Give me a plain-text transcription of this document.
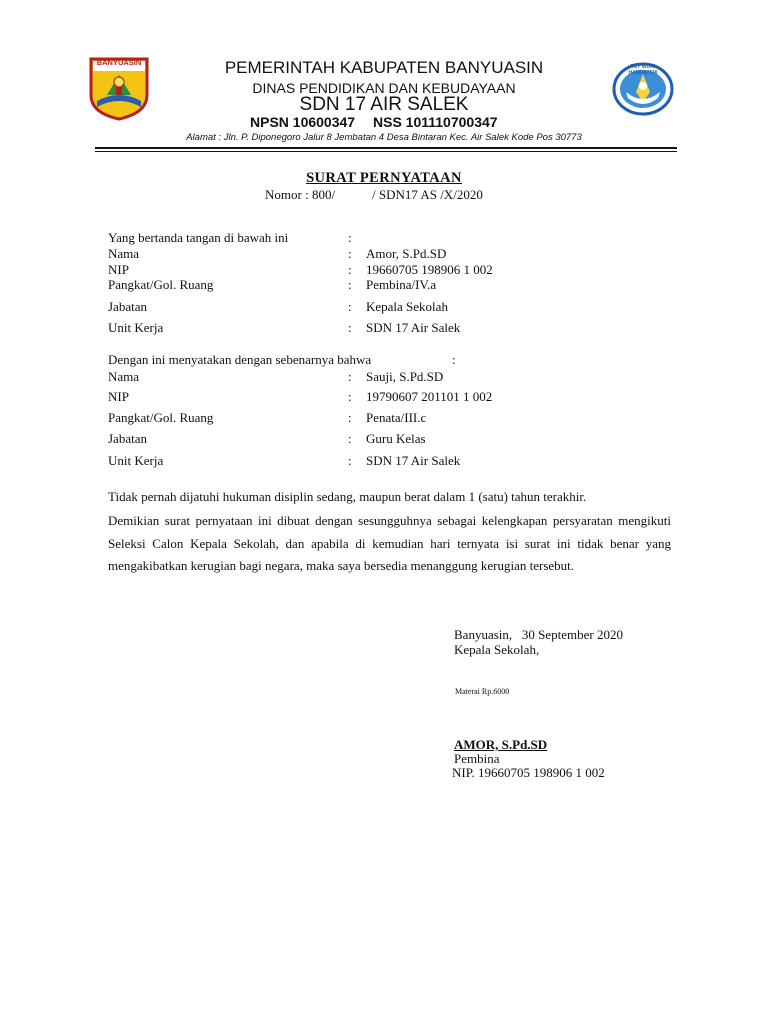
BANYUASIN	TUT WURI HANDAYANI
PEMERINTAH KABUPATEN BANYUASIN
DINAS PENDIDIKAN DAN KEBUDAYAAN
SDN 17 AIR SALEK
NPSN 10600347 NSS 101110700347
Alamat : Jln. P. Diponegoro Jalur 8 Jembatan 4 Desa Bintaran Kec. Air Salek Kode Pos 30773
SURAT PERNYATAAN
Nomor : 800/	/ SDN17 AS /X/2020
Yang bertanda tangan di bawah ini	:
Nama	: Amor, S.Pd.SD
NIP	: 19660705 198906 1 002
Pangkat/Gol. Ruang	: Pembina/IV.a
Jabatan	: Kepala Sekolah
Unit Kerja	: SDN 17 Air Salek
Dengan ini menyatakan dengan sebenarnya bahwa	:
Nama	: Sauji, S.Pd.SD
NIP	: 19790607 201101 1 002
Pangkat/Gol. Ruang	: Penata/III.c
Jabatan	: Guru Kelas
Unit Kerja	: SDN 17 Air Salek
Tidak pernah dijatuhi hukuman disiplin sedang, maupun berat dalam 1 (satu) tahun terakhir.
Demikian surat pernyataan ini dibuat dengan sesungguhnya sebagai kelengkapan persyaratan mengikuti Seleksi Calon Kepala Sekolah, dan apabila di kemudian hari ternyata isi surat ini tidak benar yang mengakibatkan kerugian bagi negara, maka saya bersedia menanggung kerugian tersebut.
Banyuasin,   30 September 2020
Kepala Sekolah,
Materai Rp.6000
AMOR, S.Pd.SD
Pembina
NIP. 19660705 198906 1 002
